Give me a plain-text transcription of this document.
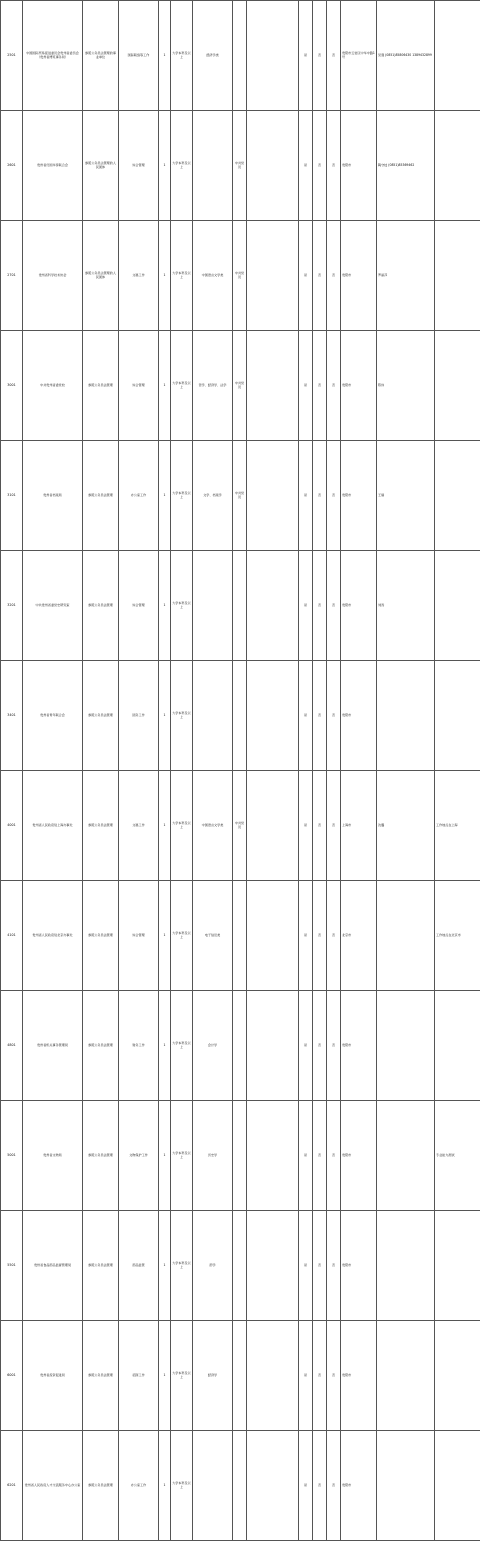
2501	中国国际贸易促进委员会贵州省委员会（贵州省博览事务局）	参照公务员法管理的事业单位	国际联络等工作	1	大学本科及以上	经济学类			是	否	否	贵阳市云岩区中华中路1号	吴强 (0851)85806430 1389432899	
2601	贵州省归国华侨联合会	参照公务员法管理的人民团体	综合管理	1	大学本科及以上		中共党员		是	否	否	贵阳市	陶守枝 (0851)85369462	
2701	贵州省科学技术协会	参照公务员法管理的人民团体	文秘工作	1	大学本科及以上	中国语言文学类	中共党员		是	否	否	贵阳市	罗丽莎	
3001	中共贵州省委党校	参照公务员法管理	综合管理	1	大学本科及以上	哲学、经济学、法学	中共党员		是	否	否	贵阳市	陈伟	
3101	贵州省档案局	参照公务员法管理	办公室工作	1	大学本科及以上	文学、档案学	中共党员		是	否	否	贵阳市	王瑞	
3201	中共贵州省委党史研究室	参照公务员法管理	综合管理	1	大学本科及以上				是	否	否	贵阳市	刘涛	
3401	贵州省青年联合会	参照公务员法管理	团务工作	1	大学本科及以上				是	否	否	贵阳市		
4001	贵州省人民政府驻上海办事处	参照公务员法管理	文秘工作	1	大学本科及以上	中国语言文学类	中共党员		是	否	否	上海市	沈璐	工作地点在上海
4101	贵州省人民政府驻北京办事处	参照公务员法管理	综合管理	1	大学本科及以上	电子信息类			是	否	否	北京市		工作地点在北京市
4801	贵州省机关事务管理局	参照公务员法管理	财务工作	1	大学本科及以上	会计学			是	否	否	贵阳市		
5001	贵州省文物局	参照公务员法管理	文物保护工作	1	大学本科及以上	历史学			是	否	否	贵阳市		专业能力测试
5501	贵州省食品药品监督管理局	参照公务员法管理	药品监管	1	大学本科及以上	药学			是	否	否	贵阳市		
6001	贵州省投资促进局	参照公务员法管理	招商工作	1	大学本科及以上	经济学			是	否	否	贵阳市		
6201	贵州省人民政府人才交流服务中心办公室	参照公务员法管理	办公室工作	1	大学本科及以上				是	否	否	贵阳市		
